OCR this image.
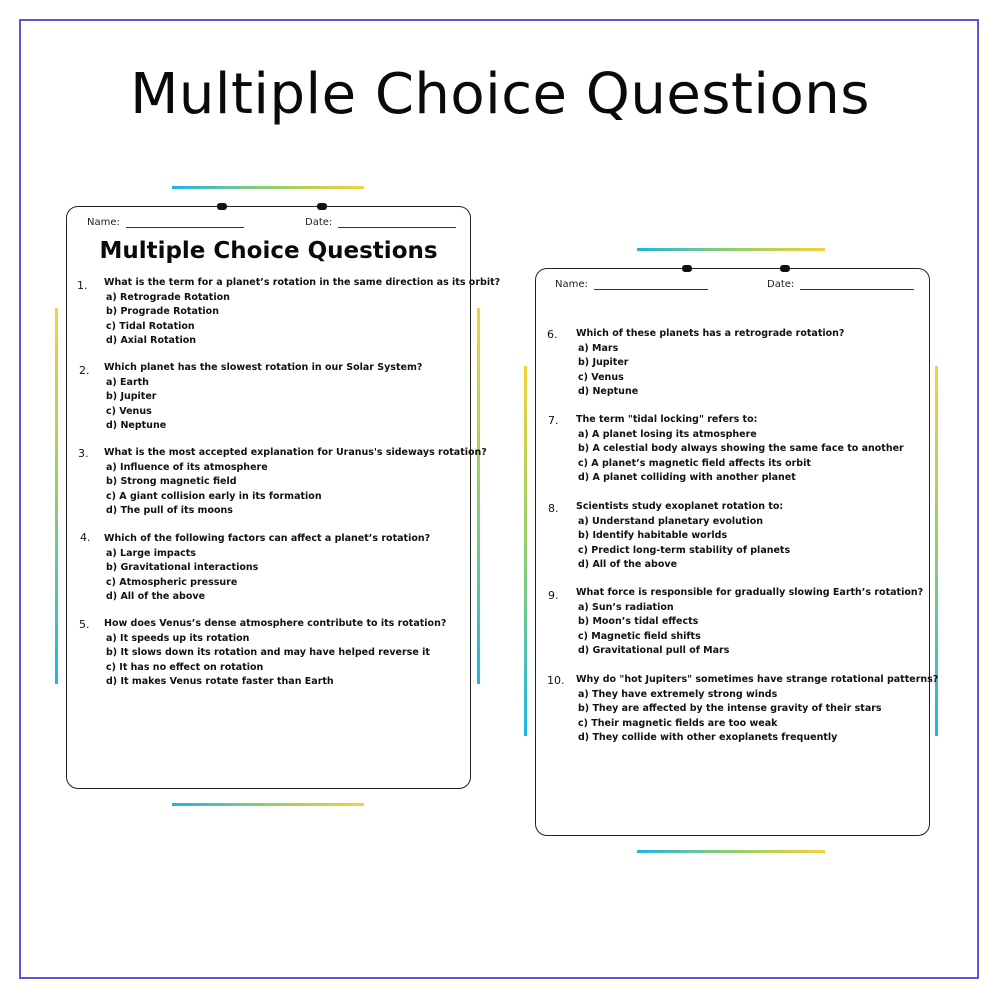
Multiple Choice Questions
Name:	Date:
Multiple Choice Questions
1. What is the term for a planet’s rotation in the same direction as its orbit?
a) Retrograde Rotation
b) Prograde Rotation
c) Tidal Rotation
d) Axial Rotation
2. Which planet has the slowest rotation in our Solar System?
a) Earth
b) Jupiter
c) Venus
d) Neptune
3. What is the most accepted explanation for Uranus's sideways rotation?
a) Influence of its atmosphere
b) Strong magnetic field
c) A giant collision early in its formation
d) The pull of its moons
4. Which of the following factors can affect a planet’s rotation?
a) Large impacts
b) Gravitational interactions
c) Atmospheric pressure
d) All of the above
5. How does Venus’s dense atmosphere contribute to its rotation?
a) It speeds up its rotation
b) It slows down its rotation and may have helped reverse it
c) It has no effect on rotation
d) It makes Venus rotate faster than Earth
Name:	Date:
6. Which of these planets has a retrograde rotation?
a) Mars
b) Jupiter
c) Venus
d) Neptune
7. The term "tidal locking" refers to:
a) A planet losing its atmosphere
b) A celestial body always showing the same face to another
c) A planet’s magnetic field affects its orbit
d) A planet colliding with another planet
8. Scientists study exoplanet rotation to:
a) Understand planetary evolution
b) Identify habitable worlds
c) Predict long-term stability of planets
d) All of the above
9. What force is responsible for gradually slowing Earth’s rotation?
a) Sun’s radiation
b) Moon’s tidal effects
c) Magnetic field shifts
d) Gravitational pull of Mars
10. Why do "hot Jupiters" sometimes have strange rotational patterns?
a) They have extremely strong winds
b) They are affected by the intense gravity of their stars
c) Their magnetic fields are too weak
d) They collide with other exoplanets frequently
